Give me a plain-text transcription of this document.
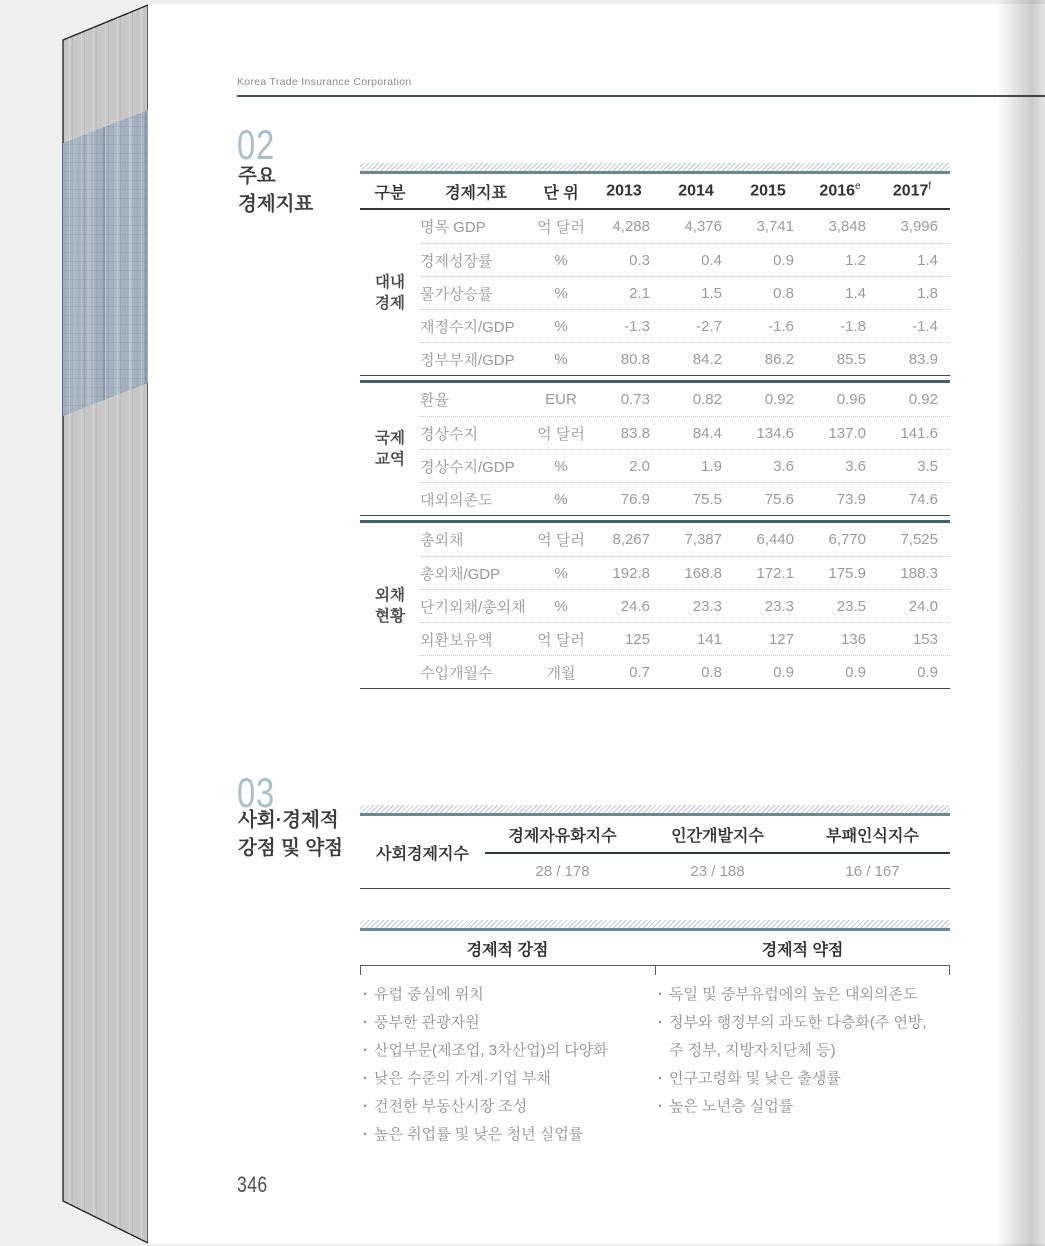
Korea Trade Insurance Corporation
02
주요
경제지표	구분	경제지표	단 위	2013	2014	2015	2016e	2017$^f$
대내
경제
명목 GDP	억 달러	4,288	4,376	3,741	3,848	3,996
경제성장률	%	0.3	0.4	0.9	1.2	1.4
물가상승률	%	2.1	1.5	0.8	1.4	1.8
재정수지/GDP	%	-1.3	-2.7	-1.6	-1.8	-1.4
정부부채/GDP	%	80.8	84.2	86.2	85.5	83.9
국제
교역
환율	EUR	0.73	0.82	0.92	0.96	0.92
경상수지	억 달러	83.8	84.4	134.6	137.0	141.6
경상수지/GDP	%	2.0	1.9	3.6	3.6	3.5
대외의존도	%	76.9	75.5	75.6	73.9	74.6
외채
현황
총외채	억 달러	8,267	7,387	6,440	6,770	7,525
총외채/GDP	%	192.8	168.8	172.1	175.9	188.3
단기외채/총외채	%	24.6	23.3	23.3	23.5	24.0
외환보유액	억 달러	125	141	127	136	153
수입개월수	개월	0.7	0.8	0.9	0.9	0.9
03
사회·경제적
강점 및 약점	사회경제지수
경제자유화지수	인간개발지수	부패인식지수
28 / 178	23 / 188	16 / 167
경제적 강점	경제적 약점
· 유럽 중심에 위치
· 풍부한 관광자원
· 산업부문(제조업, 3차산업)의 다양화
· 낮은 수준의 가계·기업 부채
· 건전한 부동산시장 조성
· 높은 취업률 및 낮은 청년 실업률
· 독일 및 중부유럽에의 높은 대외의존도
· 정부와 행정부의 과도한 다층화(주 연방, 주 정부, 지방자치단체 등)
· 인구고령화 및 낮은 출생률
· 높은 노년층 실업률
346
